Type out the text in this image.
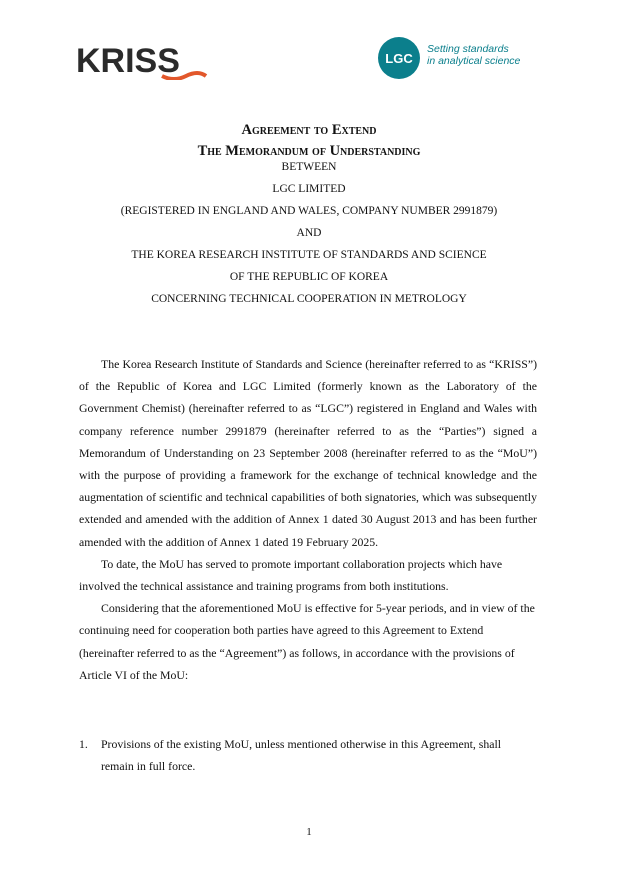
KRISS	LGC
Setting standards
in analytical science
Agreement to Extend
The Memorandum of Understanding
BETWEEN
LGC LIMITED
(REGISTERED IN ENGLAND AND WALES, COMPANY NUMBER 2991879)
AND
THE KOREA RESEARCH INSTITUTE OF STANDARDS AND SCIENCE
OF THE REPUBLIC OF KOREA
CONCERNING TECHNICAL COOPERATION IN METROLOGY

The Korea Research Institute of Standards and Science (hereinafter referred to as “KRISS”) of the Republic of Korea and LGC Limited (formerly known as the Laboratory of the Government Chemist) (hereinafter referred to as “LGC”) registered in England and Wales with company reference number 2991879 (hereinafter referred to as the “Parties”) signed a Memorandum of Understanding on 23 September 2008 (hereinafter referred to as the “MoU”) with the purpose of providing a framework for the exchange of technical knowledge and the augmentation of scientific and technical capabilities of both signatories, which was subsequently extended and amended with the addition of Annex 1 dated 30 August 2013 and has been further amended with the addition of Annex 1 dated 19 February 2025.

To date, the MoU has served to promote important collaboration projects which have involved the technical assistance and training programs from both institutions.

Considering that the aforementioned MoU is effective for 5-year periods, and in view of the continuing need for cooperation both parties have agreed to this Agreement to Extend (hereinafter referred to as the “Agreement”) as follows, in accordance with the provisions of Article VI of the MoU:

1. Provisions of the existing MoU, unless mentioned otherwise in this Agreement, shall remain in full force.
1
